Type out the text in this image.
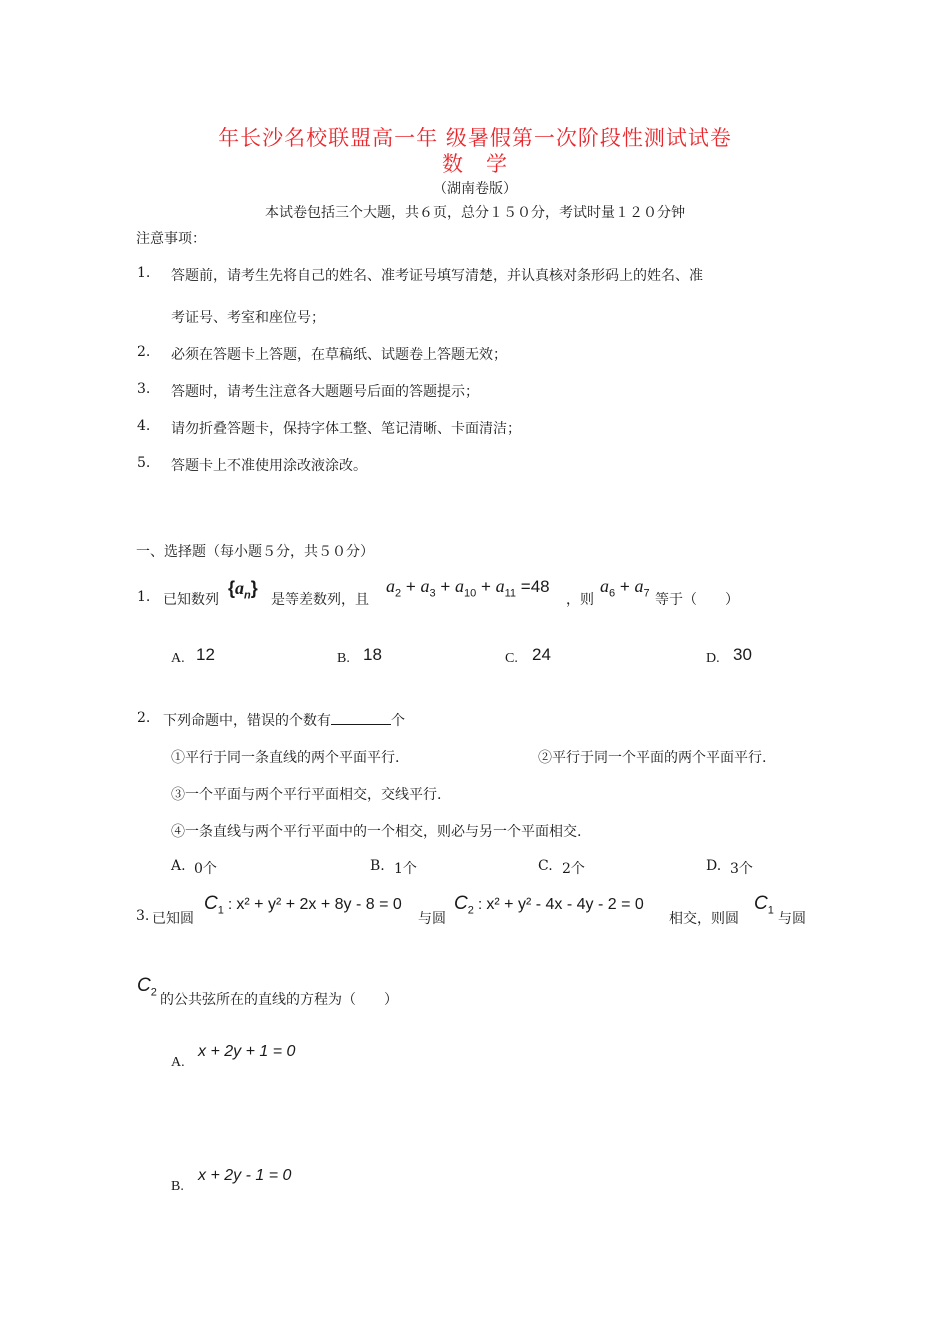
年长沙名校联盟高一年 级暑假第一次阶段性测试试卷
数　学
（湖南卷版）
本试卷包括三个大题，共６页，总分１５０分，考试时量１２０分钟
注意事项：
1. 答题前，请考生先将自己的姓名、准考证号填写清楚，并认真核对条形码上的姓名、准
考证号、考室和座位号；
2. 必须在答题卡上答题，在草稿纸、试题卷上答题无效；
3. 答题时，请考生注意各大题题号后面的答题提示；
4. 请勿折叠答题卡，保持字体工整、笔记清晰、卡面清洁；
5. 答题卡上不准使用涂改液涂改。
一、选择题（每小题５分，共５０分）
1. 已知数列
$\{a_n\}$
是等差数列，且
$a_2 + a_3 + a_{10} + a_{11} =48$
，则
$a_6 + a_7$ 等于（　　）
A. 12	B. 18	C. 24	D. 30
2. 下列命题中，错误的个数有	个
①平行于同一条直线的两个平面平行.	②平行于同一个平面的两个平面平行.
③一个平面与两个平行平面相交，交线平行.
④一条直线与两个平行平面中的一个相交，则必与另一个平面相交.
A. 0个	B. 1个	C. 2个	D. 3个
3. 已知圆
$C_1$ : x² + y² + 2x + 8y - 8 = 0
与圆
$C_2$ : x² + y² - 4x - 4y - 2 = 0
相交，则圆
$C_1$
与圆
$C_2$ 的公共弦所在的直线的方程为（　　）
A.
x + 2y + 1 = 0
B.
x + 2y - 1 = 0
